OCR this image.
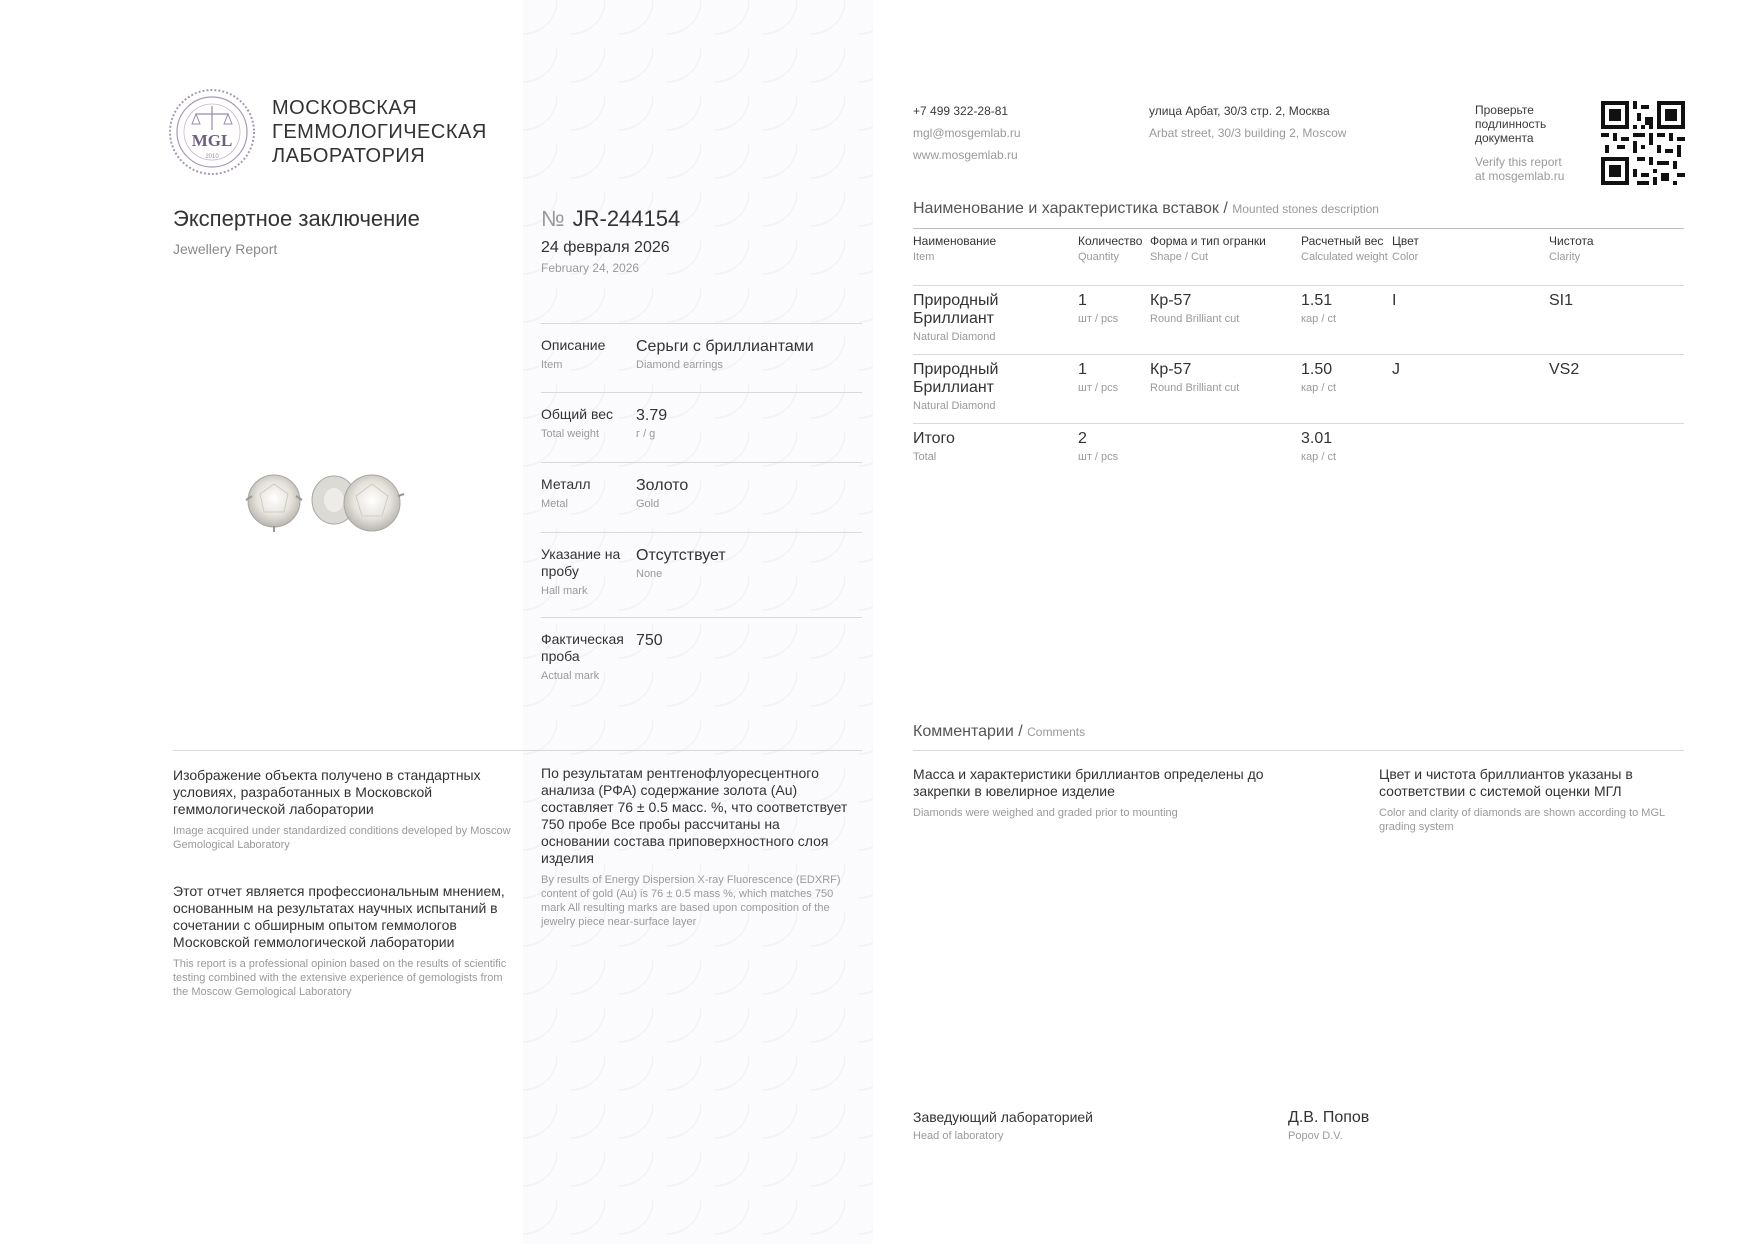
MGL
2010
МОСКОВСКАЯ
ГЕММОЛОГИЧЕСКАЯ
ЛАБОРАТОРИЯ
+7 499 322-28-81
mgl@mosgemlab.ru
www.mosgemlab.ru
улица Арбат, 30/3 стр. 2, Москва
Arbat street, 30/3 building 2, Moscow
Проверьте
подлинность
документа
Verify this report
at mosgemlab.ru
Экспертное заключение
Jewellery Report
№ JR-244154
24 февраля 2026
February 24, 2026
Описание
Item
Серьги с бриллиантами
Diamond earrings
Общий вес
Total weight
3.79
г / g
Металл
Metal
Золото
Gold
Указание на пробу
Hall mark
Отсутствует
None
Фактическая проба
Actual mark
750
Наименование и характеристика вставок / Mounted stones description
Наименование
Item
Количество
Quantity
Форма и тип огранки
Shape / Cut
Расчетный вес
Calculated weight
Цвет
Color
Чистота
Clarity
Природный Бриллиант
Natural Diamond
1
шт / pcs
Кр-57
Round Brilliant cut
1.51
кар / ct
I	SI1
Природный Бриллиант
Natural Diamond
1
шт / pcs
Кр-57
Round Brilliant cut
1.50
кар / ct
J	VS2
Итого
Total
2
шт / pcs
3.01
кар / ct
Изображение объекта получено в стандартных условиях, разработанных в Московской геммологической лаборатории
Image acquired under standardized conditions developed by Moscow Gemological Laboratory
Этот отчет является профессиональным мнением, основанным на результатах научных испытаний в сочетании с обширным опытом геммологов Московской геммологической лаборатории
This report is a professional opinion based on the results of scientific testing combined with the extensive experience of gemologists from the Moscow Gemological Laboratory
По результатам рентгенофлуоресцентного анализа (РФА) содержание золота (Au) составляет 76 ± 0.5 масс. %, что соответствует 750 пробе Все пробы рассчитаны на основании состава приповерхностного слоя изделия
By results of Energy Dispersion X-ray Fluorescence (EDXRF) content of gold (Au) is 76 ± 0.5 mass %, which matches 750 mark All resulting marks are based upon composition of the jewelry piece near-surface layer
Комментарии / Comments
Масса и характеристики бриллиантов определены до закрепки в ювелирное изделие
Diamonds were weighed and graded prior to mounting
Цвет и чистота бриллиантов указаны в соответствии с системой оценки МГЛ
Color and clarity of diamonds are shown according to MGL grading system
Заведующий лабораторией
Head of laboratory
Д.В. Попов
Popov D.V.
